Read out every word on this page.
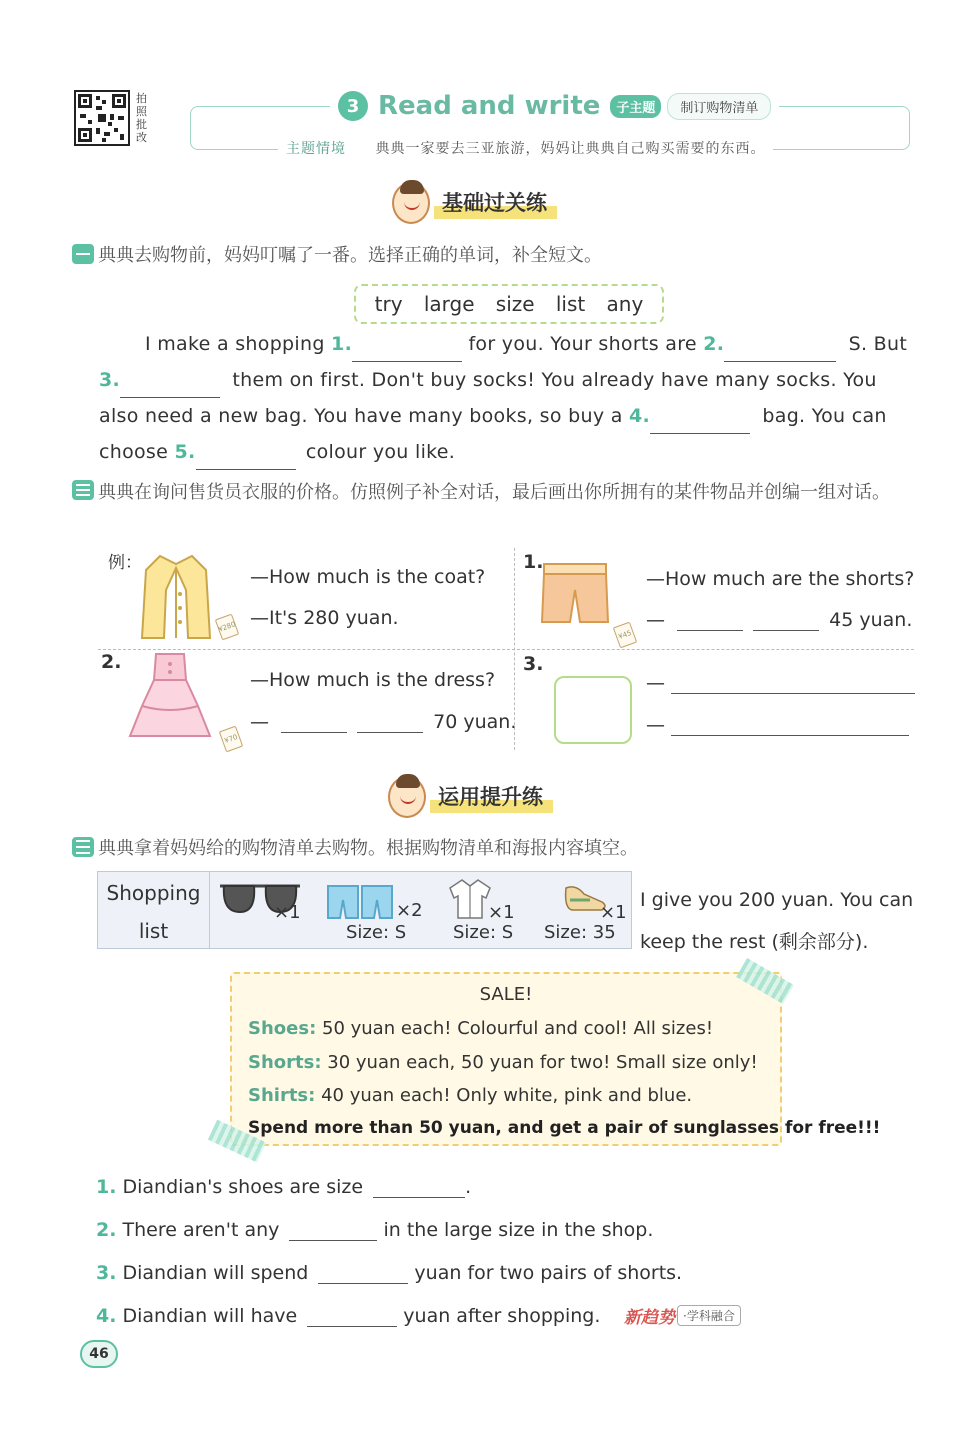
拍照批改
3 Read and write	子主题	制订购物清单
主题情境 典典一家要去三亚旅游，妈妈让典典自己购买需要的东西。
基础过关练
典典去购物前，妈妈叮嘱了一番。选择正确的单词，补全短文。
try large size list any
I make a shopping 1.	for you. Your shorts are 2.	S. But
3.	them on first. Don't buy socks! You already have many socks. You
also need a new bag. You have many books, so buy a 4.	bag. You can
choose 5.	colour you like.
典典在询问售货员衣服的价格。仿照例子补全对话，最后画出你所拥有的某件物品并创编一组对话。
例：
¥280
—How much is the coat?
—It's 280 yuan.
1.
¥45
—How much are the shorts?
—	45 yuan.
2.
¥70
—How much is the dress?
—	70 yuan.
3.
—
—
运用提升练
典典拿着妈妈给的购物清单去购物。根据购物清单和海报内容填空。
Shopping
list
×1	×2
Size: S
×1
Size: S
×1
Size: 35
I give you 200 yuan. You can
keep the rest (剩余部分).
SALE!
Shoes: 50 yuan each! Colourful and cool! All sizes!
Shorts: 30 yuan each, 50 yuan for two! Small size only!
Shirts: 40 yuan each! Only white, pink and blue.
Spend more than 50 yuan, and get a pair of sunglasses for free!!!
1. Diandian's shoes are size	.
2. There aren't any	in the large size in the shop.
3. Diandian will spend	yuan for two pairs of shorts.
4. Diandian will have	yuan after shopping. 新趋势 ·学科融合
46
